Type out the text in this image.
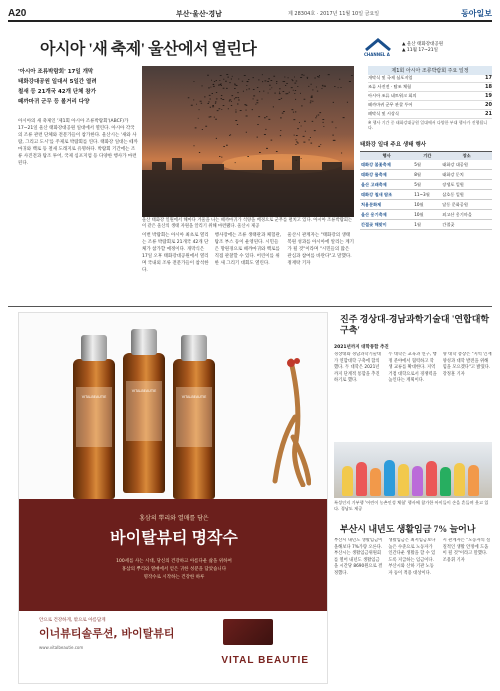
A20	부산·울산·경남	제 28304호 · 2017년 11월 10일 금요일	동아일보
아시아 '새 축제' 울산에서 열린다

'아시아 조류박람회' 17일 개막

태화강대공원 일대서 5일간 열려

철새 등 21개국 42개 단체 참가

떼까마귀 군무 등 볼거리 다양

아시아의 새 축제인 '제1회 아시아 조류박람회'(ABCF)가 17~21일 울산 태화강대공원 일대에서 열린다. 아시아 각국의 조류 관련 단체와 전문가들이 참가한다. 울산시는 '새와 사람, 그리고 도시'를 주제로 박람회를 연다. 태화강 일대는 떼까마귀와 백로 등 철새 도래지로 유명하다. 박람회 기간에는 조류 사진전과 탐조 투어, 국제 심포지엄 등 다양한 행사가 마련된다.
울산 태화강 일원에서 해마다 겨울을 나는 떼까마귀가 석양을 배경으로 군무를 펼치고 있다. 아시아 조류박람회는 이 같은 울산의 생태 자원을 알리기 위해 마련됐다. 울산시 제공
이번 박람회는 아시아 최초로 열리는 조류 박람회로 21개국 42개 단체가 참가할 예정이다. 개막식은 17일 오후 태화강대공원에서 열리며 국내외 조류 전문가들이 참석한다.
행사장에는 조류 생태관과 체험관, 탐조 부스 등이 운영된다. 시민들은 망원경으로 떼까마귀와 백로를 직접 관찰할 수 있다. 어린이를 위한 새 그리기 대회도 열린다.
울산시 관계자는 "태화강의 생태 복원 성과를 아시아에 알리는 계기가 될 것"이라며 "시민들의 많은 관심과 참여를 바란다"고 말했다. 정재락 기자
CHANNEL A
▲ 울산 태화강대공원
▲ 11월 17~21일
제1회 아시아 조류박람회 주요 일정
개막식 및 국제 심포지엄	17
조류 사진전 · 탐조 체험	18
아시아 조류 네트워크 회의	19
떼까마귀 군무 관찰 투어	20
폐막식 및 시상식	21
※ 행사 기간 중 태화강대공원 일대에서 다양한 부대 행사가 진행됩니다.
태화강 일대 주요 생태 행사
행사	기간	장소
태화강 봄꽃축제	5월	태화강 대공원
태화강 물축제	8월	태화강 둔치
울산 고래축제	5월	장생포 일원
태화강 철새 탐조	11~3월	삼호동 일원
처용문화제	10월	달동 문화공원
울산 옹기축제	10월	외고산 옹기마을
간절곶 해맞이	1월	간절곶
VITALBEAUTIE
VITALBEAUTIE
VITALBEAUTIE
홍삼의 뿌리와 열매를 담은
바이탈뷰티 명작수
100세를 사는 시대, 당신의 건강하고 아름다운 삶을 위하여
홍삼의 뿌리와 열매에서 얻은 귀한 성분을 담았습니다
명작수로 시작하는 건강한 하루
안으로 건강하게, 밖으로 아름답게
이너뷰티솔루션, 바이탈뷰티
www.vitalbeautie.com
VITAL BEAUTIE
진주 경상대-경남과학기술대 '연합대학 구축'
2021년까지 대학통합 추진
경상대와 경남과학기술대가 연합대학 구축에 합의했다. 두 대학은 2021년까지 단계적 통합을 추진하기로 했다.
두 대학은 교육과 연구, 행정 분야에서 협력하고 학생 교류를 확대한다. 지역 거점 대학으로서 경쟁력을 높인다는 계획이다.
양 대학 총장은 "지역 인재 양성과 대학 발전을 위해 힘을 모으겠다"고 밝혔다. 강정훈 기자
특성인지 기부행 '어린이 농촌인성 체험' 행사에 참가한 아이들이 손을 흔들며 웃고 있다. 경남도 제공
부산시 내년도 생활임금 7% 늘어나
부산시 내년도 생활임금이 올해보다 7%가량 오른다. 부산시는 생활임금위원회를 열어 내년도 생활임금을 시간당 8690원으로 결정했다.
생활임금은 최저임금보다 높은 수준으로 노동자가 인간다운 생활을 할 수 있도록 지급하는 임금이다. 부산시와 산하 기관 노동자 등이 적용 대상이다.
시 관계자는 "노동자의 실질적인 생활 안정에 도움이 될 것"이라고 말했다. 조용휘 기자
